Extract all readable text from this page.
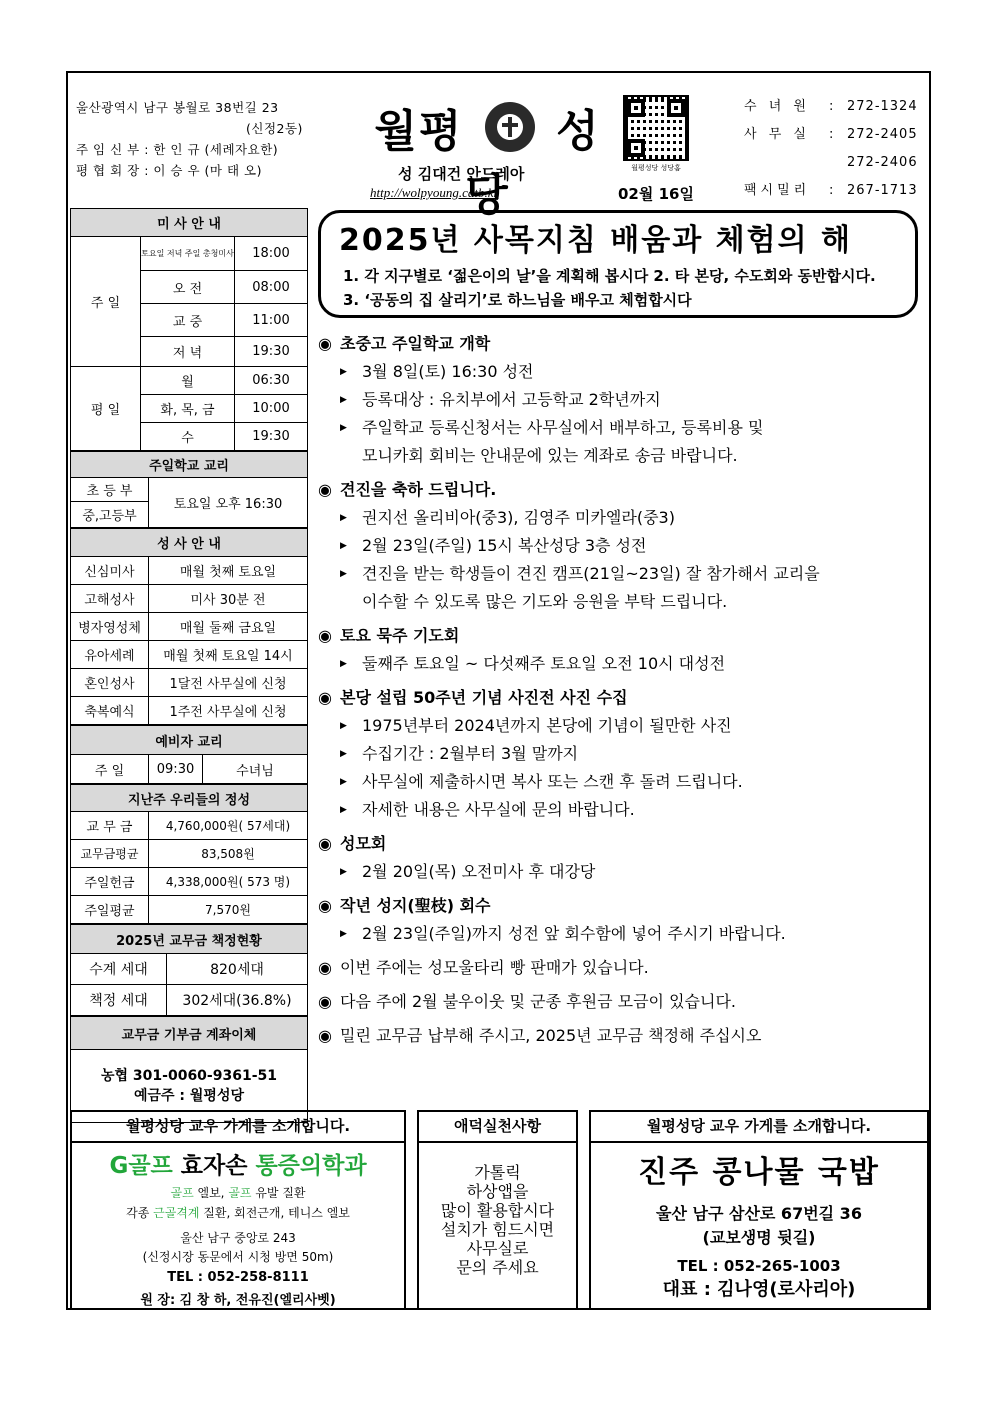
울산광역시 남구 봉월로 38번길 23
(신정2동)
주 임 신 부 : 한 인 규 (세례자요한)
평 협 회 장 : 이 승 우 (마 태 오)
월평 성당
성 김대건 안드레아
http://wolpyoung.catb.kr	02월 16일
월평성당 성당홈
수 녀 원	:	272-1324
사 무 실	:	272-2405
272-2406
팩시밀리	:	267-1713
미 사 안 내		
주 일	토요일 저녁 주일 총청미사	18:00
	오 전	08:00
	교 중	11:00
	저 녁	19:30
평 일	월	06:30
	화, 목, 금	10:00
	수	19:30
주일학교 교리
초 등 부	토요일 오후 16:30
중,고등부
성 사 안 내	
신심미사	매월 첫째 토요일
고해성사	미사 30분 전
병자영성체	매월 둘째 금요일
유아세례	매월 첫째 토요일 14시
혼인성사	1달전 사무실에 신청
축복예식	1주전 사무실에 신청
예비자 교리
주 일	09:30	수녀님
지난주 우리들의 정성	
교 무 금	4,760,000원( 57세대)
교무금평균	83,508원
주일헌금	4,338,000원( 573 명)
주일평균	7,570원
2025년 교무금 책정현황	
수계 세대	820세대
책정 세대	302세대(36.8%)
교무금 기부금 계좌이체

농협 301-0060-9361-51
예금주 : 월평성당
2025년 사목지침 배움과 체험의 해
1. 각 지구별로 ‘젊은이의 날’을 계획해 봅시다 2. 타 본당, 수도회와 동반합시다.
3. ‘공동의 집 살리기’로 하느님을 배우고 체험합시다
◉ 초중고 주일학교 개학
▶ 3월 8일(토) 16:30 성전
▶ 등록대상 : 유치부에서 고등학교 2학년까지
▶ 주일학교 등록신청서는 사무실에서 배부하고, 등록비용 및
모니카회 회비는 안내문에 있는 계좌로 송금 바랍니다.
◉ 견진을 축하 드립니다.
▶ 권지선 올리비아(중3), 김영주 미카엘라(중3)
▶ 2월 23일(주일) 15시 복산성당 3층 성전
▶ 견진을 받는 학생들이 견진 캠프(21일~23일) 잘 참가해서 교리을
이수할 수 있도록 많은 기도와 응원을 부탁 드립니다.
◉ 토요 묵주 기도회
▶ 둘째주 토요일 ~ 다섯째주 토요일 오전 10시 대성전
◉ 본당 설립 50주년 기념 사진전 사진 수집
▶ 1975년부터 2024년까지 본당에 기념이 될만한 사진
▶ 수집기간 : 2월부터 3월 말까지
▶ 사무실에 제출하시면 복사 또는 스캔 후 돌려 드립니다.
▶ 자세한 내용은 사무실에 문의 바랍니다.
◉ 성모회
▶ 2월 20일(목) 오전미사 후 대강당
◉ 작년 성지(聖枝) 회수
▶ 2월 23일(주일)까지 성전 앞 회수함에 넣어 주시기 바랍니다.
◉ 이번 주에는 성모울타리 빵 판매가 있습니다.
◉ 다음 주에 2월 불우이웃 및 군종 후원금 모금이 있습니다.
◉ 밀린 교무금 납부해 주시고, 2025년 교무금 책정해 주십시오
월평성당 교우 가게를 소개합니다.
G골프 효자손 통증의학과
골프 엘보, 골프 유발 질환
각종 근골격계 질환, 회전근개, 테니스 엘보
울산 남구 중앙로 243
(신정시장 동문에서 시청 방면 50m)
TEL : 052-258-8111
원 장: 김 창 하, 전유진(엘리사벳)
애덕실천사항
가톨릭
하상앱을
많이 활용합시다
설치가 힘드시면
사무실로
문의 주세요
월평성당 교우 가게를 소개합니다.
진주 콩나물 국밥
울산 남구 삼산로 67번길 36
(교보생명 뒷길)
TEL : 052-265-1003
대표 : 김나영(로사리아)
